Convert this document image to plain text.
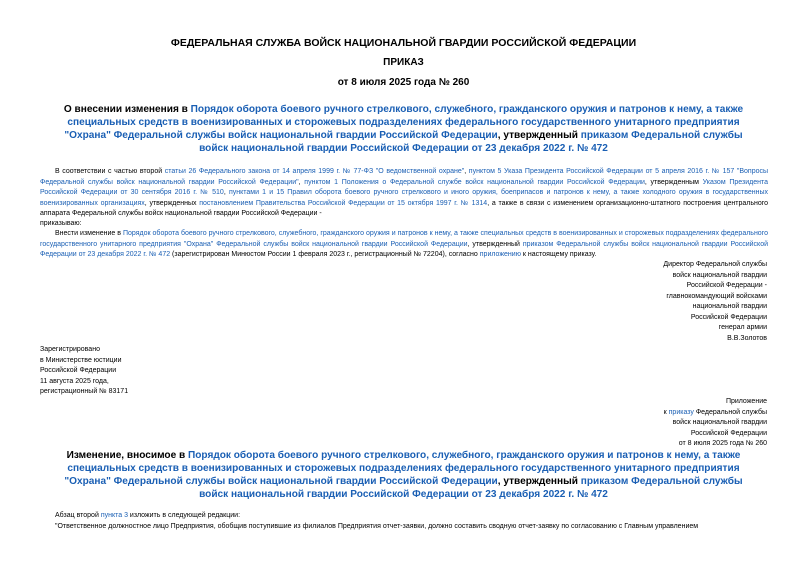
ФЕДЕРАЛЬНАЯ СЛУЖБА ВОЙСК НАЦИОНАЛЬНОЙ ГВАРДИИ РОССИЙСКОЙ ФЕДЕРАЦИИ
ПРИКАЗ
от 8 июля 2025 года № 260
О внесении изменения в Порядок оборота боевого ручного стрелкового, служебного, гражданского оружия и патронов к нему, а также специальных средств в военизированных и сторожевых подразделениях федерального государственного унитарного предприятия "Охрана" Федеральной службы войск национальной гвардии Российской Федерации, утвержденный приказом Федеральной службы войск национальной гвардии Российской Федерации от 23 декабря 2022 г. № 472
В соответствии с частью второй статьи 26 Федерального закона от 14 апреля 1999 г. № 77-ФЗ "О ведомственной охране", пунктом 5 Указа Президента Российской Федерации от 5 апреля 2016 г. № 157 "Вопросы Федеральной службы войск национальной гвардии Российской Федерации", пунктом 1 Положения о Федеральной службе войск национальной гвардии Российской Федерации, утвержденным Указом Президента Российской Федерации от 30 сентября 2016 г. № 510, пунктами 1 и 15 Правил оборота боевого ручного стрелкового и иного оружия, боеприпасов и патронов к нему, а также холодного оружия в государственных военизированных организациях, утвержденных постановлением Правительства Российской Федерации от 15 октября 1997 г. № 1314, а также в связи с изменением организационно-штатного построения центрального аппарата Федеральной службы войск национальной гвардии Российской Федерации -
приказываю:
Внести изменение в Порядок оборота боевого ручного стрелкового, служебного, гражданского оружия и патронов к нему, а также специальных средств в военизированных и сторожевых подразделениях федерального государственного унитарного предприятия "Охрана" Федеральной службы войск национальной гвардии Российской Федерации, утвержденный приказом Федеральной службы войск национальной гвардии Российской Федерации от 23 декабря 2022 г. № 472 (зарегистрирован Минюстом России 1 февраля 2023 г., регистрационный № 72204), согласно приложению к настоящему приказу.
Директор Федеральной службы
войск национальной гвардии
Российской Федерации -
главнокомандующий войсками
национальной гвардии
Российской Федерации
генерал армии
В.В.Золотов
Зарегистрировано
в Министерстве юстиции
Российской Федерации
11 августа 2025 года,
регистрационный № 83171
Приложение
к приказу Федеральной службы
войск национальной гвардии
Российской Федерации
от 8 июля 2025 года № 260
Изменение, вносимое в Порядок оборота боевого ручного стрелкового, служебного, гражданского оружия и патронов к нему, а также специальных средств в военизированных и сторожевых подразделениях федерального государственного унитарного предприятия "Охрана" Федеральной службы войск национальной гвардии Российской Федерации, утвержденный приказом Федеральной службы войск национальной гвардии Российской Федерации от 23 декабря 2022 г. № 472
Абзац второй пункта 3 изложить в следующей редакции:
"Ответственное должностное лицо Предприятия, обобщив поступившие из филиалов Предприятия отчет-заявки, должно составить сводную отчет-заявку по согласованию с Главным управлением
